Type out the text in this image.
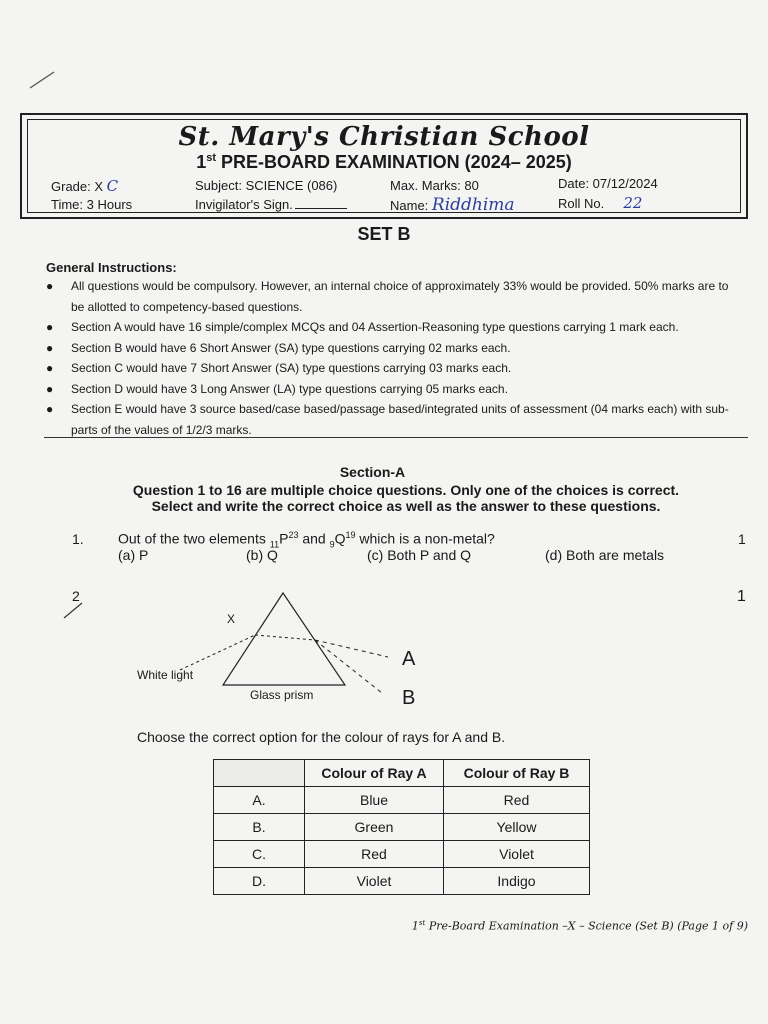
St. Mary's Christian School
1st PRE-BOARD EXAMINATION (2024– 2025)
Grade: X C	Subject: SCIENCE (086)	Max. Marks: 80	Date: 07/12/2024
Time: 3 Hours	Invigilator's Sign.	Name: Riddhima	Roll No. 22
SET B
General Instructions:
● All questions would be compulsory. However, an internal choice of approximately 33% would be provided. 50% marks are to be allotted to competency-based questions.
● Section A would have 16 simple/complex MCQs and 04 Assertion-Reasoning type questions carrying 1 mark each.
● Section B would have 6 Short Answer (SA) type questions carrying 02 marks each.
● Section C would have 7 Short Answer (SA) type questions carrying 03 marks each.
● Section D would have 3 Long Answer (LA) type questions carrying 05 marks each.
● Section E would have 3 source based/case based/passage based/integrated units of assessment (04 marks each) with sub-parts of the values of 1/2/3 marks.
Section-A
Question 1 to 16 are multiple choice questions. Only one of the choices is correct.
Select and write the correct choice as well as the answer to these questions.
1. Out of the two elements $_{11}P^{23}$ and $_9Q^{19}$ which is a non-metal?	1
(a) P	(b) Q	(c) Both P and Q	(d) Both are metals
2	1
X
White light
Glass prism
A
B
Choose the correct option for the colour of rays for A and B.
	Colour of Ray A	Colour of Ray B
A.	Blue	Red
B.	Green	Yellow
C.	Red	Violet
D.	Violet	Indigo
1st Pre-Board Examination –X – Science (Set B) (Page 1 of 9)
